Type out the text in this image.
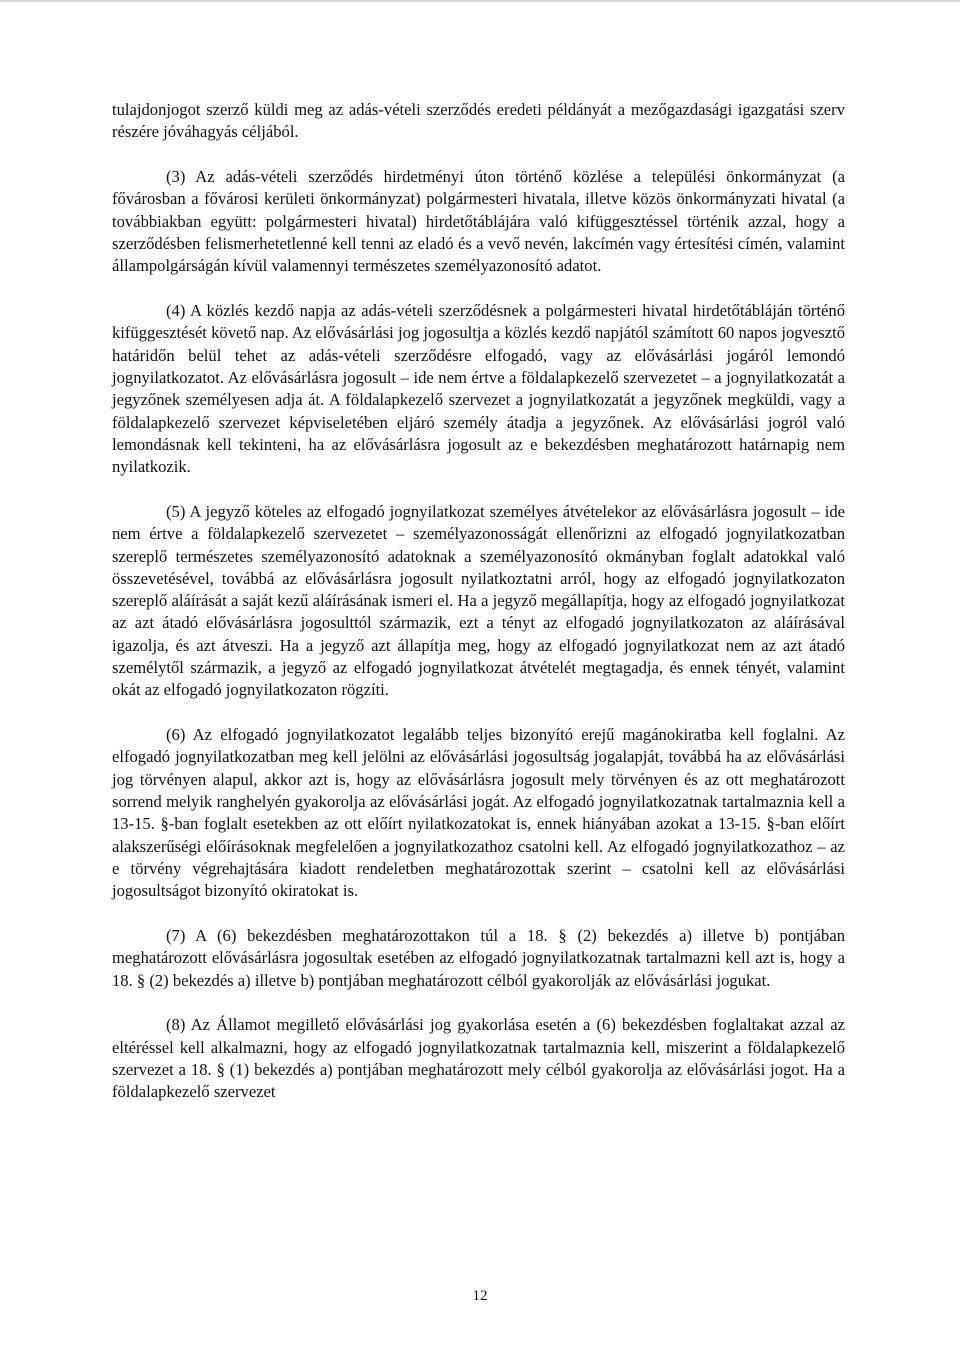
tulajdonjogot szerző küldi meg az adás-vételi szerződés eredeti példányát a mezőgazdasági igazgatási szerv részére jóváhagyás céljából.

(3) Az adás-vételi szerződés hirdetményi úton történő közlése a települési önkormányzat (a fővárosban a fővárosi kerületi önkormányzat) polgármesteri hivatala, illetve közös önkormányzati hivatal (a továbbiakban együtt: polgármesteri hivatal) hirdetőtáblájára való kifüggesztéssel történik azzal, hogy a szerződésben felismerhetetlenné kell tenni az eladó és a vevő nevén, lakcímén vagy értesítési címén, valamint állampolgárságán kívül valamennyi természetes személyazonosító adatot.

(4) A közlés kezdő napja az adás-vételi szerződésnek a polgármesteri hivatal hirdetőtábláján történő kifüggesztését követő nap. Az elővásárlási jog jogosultja a közlés kezdő napjától számított 60 napos jogvesztő határidőn belül tehet az adás-vételi szerződésre elfogadó, vagy az elővásárlási jogáról lemondó jognyilatkozatot. Az elővásárlásra jogosult – ide nem értve a földalapkezelő szervezetet – a jognyilatkozatát a jegyzőnek személyesen adja át. A földalapkezelő szervezet a jognyilatkozatát a jegyzőnek megküldi, vagy a földalapkezelő szervezet képviseletében eljáró személy átadja a jegyzőnek. Az elővásárlási jogról való lemondásnak kell tekinteni, ha az elővásárlásra jogosult az e bekezdésben meghatározott határnapig nem nyilatkozik.

(5) A jegyző köteles az elfogadó jognyilatkozat személyes átvételekor az elővásárlásra jogosult – ide nem értve a földalapkezelő szervezetet – személyazonosságát ellenőrizni az elfogadó jognyilatkozatban szereplő természetes személyazonosító adatoknak a személyazonosító okmányban foglalt adatokkal való összevetésével, továbbá az elővásárlásra jogosult nyilatkoztatni arról, hogy az elfogadó jognyilatkozaton szereplő aláírását a saját kezű aláírásának ismeri el. Ha a jegyző megállapítja, hogy az elfogadó jognyilatkozat az azt átadó elővásárlásra jogosulttól származik, ezt a tényt az elfogadó jognyilatkozaton az aláírásával igazolja, és azt átveszi. Ha a jegyző azt állapítja meg, hogy az elfogadó jognyilatkozat nem az azt átadó személytől származik, a jegyző az elfogadó jognyilatkozat átvételét megtagadja, és ennek tényét, valamint okát az elfogadó jognyilatkozaton rögzíti.

(6) Az elfogadó jognyilatkozatot legalább teljes bizonyító erejű magánokiratba kell foglalni. Az elfogadó jognyilatkozatban meg kell jelölni az elővásárlási jogosultság jogalapját, továbbá ha az elővásárlási jog törvényen alapul, akkor azt is, hogy az elővásárlásra jogosult mely törvényen és az ott meghatározott sorrend melyik ranghelyén gyakorolja az elővásárlási jogát. Az elfogadó jognyilatkozatnak tartalmaznia kell a 13-15. §-ban foglalt esetekben az ott előírt nyilatkozatokat is, ennek hiányában azokat a 13-15. §-ban előírt alakszerűségi előírásoknak megfelelően a jognyilatkozathoz csatolni kell. Az elfogadó jognyilatkozathoz – az e törvény végrehajtására kiadott rendeletben meghatározottak szerint – csatolni kell az elővásárlási jogosultságot bizonyító okiratokat is.

(7) A (6) bekezdésben meghatározottakon túl a 18. § (2) bekezdés a) illetve b) pontjában meghatározott elővásárlásra jogosultak esetében az elfogadó jognyilatkozatnak tartalmazni kell azt is, hogy a 18. § (2) bekezdés a) illetve b) pontjában meghatározott célból gyakorolják az elővásárlási jogukat.

(8) Az Államot megillető elővásárlási jog gyakorlása esetén a (6) bekezdésben foglaltakat azzal az eltéréssel kell alkalmazni, hogy az elfogadó jognyilatkozatnak tartalmaznia kell, miszerint a földalapkezelő szervezet a 18. § (1) bekezdés a) pontjában meghatározott mely célból gyakorolja az elővásárlási jogot. Ha a földalapkezelő szervezet

12
